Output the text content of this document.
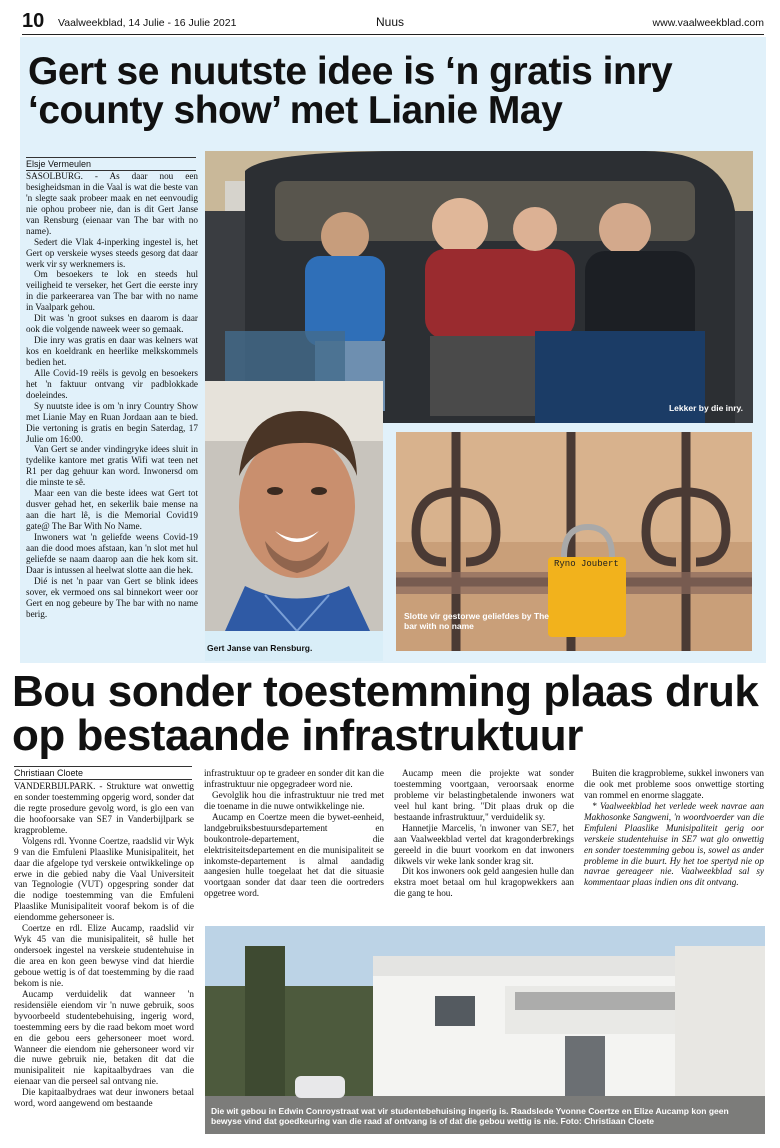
10 Vaalweekblad, 14 Julie - 16 Julie 2021	Nuus	www.vaalweekblad.com
Gert se nuutste idee is ‘n gratis inry ‘county show’ met Lianie May
Elsje Vermeulen

SASOLBURG. - As daar nou een besigheidsman in die Vaal is wat die beste van 'n slegte saak probeer maak en net eenvoudig nie ophou probeer nie, dan is dit Gert Janse van Rensburg (eienaar van The bar with no name).

Sedert die Vlak 4-inperking ingestel is, het Gert op verskeie wyses steeds gesorg dat daar werk vir sy werknemers is.

Om besoekers te lok en steeds hul veiligheid te verseker, het Gert die eerste inry in die parkeerarea van The bar with no name in Vaalpark gehou.

Dit was 'n groot sukses en daarom is daar ook die volgende naweek weer so gemaak.

Die inry was gratis en daar was kelners wat kos en koeldrank en heerlike melkskommels bedien het.

Alle Covid-19 reëls is gevolg en besoekers het 'n faktuur ontvang vir padblokkade doeleindes.

Sy nuutste idee is om 'n inry Country Show met Lianie May en Ruan Jordaan aan te bied. Die vertoning is gratis en begin Saterdag, 17 Julie om 16:00.

Van Gert se ander vindingryke idees sluit in tydelike kantore met gratis Wifi wat teen net R1 per dag gehuur kan word. Inwonersd om die minste te sê.

Maar een van die beste idees wat Gert tot dusver gehad het, en sekerlik baie mense na aan die hart lê, is die Memorial Covid19 gate@ The Bar With No Name.

Inwoners wat 'n geliefde weens Covid-19 aan die dood moes afstaan, kan 'n slot met hul geliefde se naam daarop aan die hek kom sit. Daar is intussen al heelwat slotte aan die hek.

Dié is net 'n paar van Gert se blink idees sover, ek vermoed ons sal binnekort weer oor Gert en nog gebeure by The bar with no name berig.

Lekker by die inry.
Gert Janse van Rensburg.
Ryno Joubert
Slotte vir gestorwe geliefdes by The bar with no name
Bou sonder toestemming plaas druk op bestaande infrastruktuur
Christiaan Cloete

VANDERBIJLPARK. - Strukture wat onwettig en sonder toestemming opgerig word, sonder dat die regte prosedure gevolg word, is glo een van die hoofoorsake van SE7 in Vanderbijlpark se kragprobleme.

Volgens rdl. Yvonne Coertze, raadslid vir Wyk 9 van die Emfuleni Plaaslike Munisipaliteit, het daar die afgelope tyd verskeie ontwikkelinge op erwe in die gebied naby die Vaal Universiteit van Tegnologie (VUT) opgespring sonder dat die nodige toestemming van die Emfuleni Plaaslike Munisipaliteit vooraf bekom is of die eiendomme gehersoneer is.

Coertze en rdl. Elize Aucamp, raadslid vir Wyk 45 van die munisipaliteit, sê hulle het ondersoek ingestel na verskeie studentehuise in die area en kon geen bewyse vind dat hierdie geboue wettig is of dat toestemming by die raad bekom is nie.

Aucamp verduidelik dat wanneer 'n residensiële eiendom vir 'n nuwe gebruik, soos byvoorbeeld studentebehuising, ingerig word, toestemming eers by die raad bekom moet word en die gebou eers gehersoneer moet word. Wanneer die eiendom nie gehersoneer word vir die nuwe gebruik nie, betaken dit dat die munisipaliteit nie kapitaalbydraes van die eienaar van die perseel sal ontvang nie.

Die kapitaalbydraes wat deur inwoners betaal word, word aangewend om bestaande

infrastruktuur op te gradeer en sonder dit kan die infrastruktuur nie opgegradeer word nie.

Gevolglik hou die infrastruktuur nie tred met die toename in die nuwe ontwikkelinge nie.

Aucamp en Coertze meen die bywet-eenheid, landgebruiksbestuursdepartement en boukontrole-departement, die elektrisiteitsdepartement en die munisipaliteit se inkomste-departement is almal aandadig aangesien hulle toegelaat het dat die situasie voortgaan sonder dat daar teen die oortreders opgetree word.

Aucamp meen die projekte wat sonder toestemming voortgaan, veroorsaak enorme probleme vir belastingbetalende inwoners wat veel hul kant bring. "Dit plaas druk op die bestaande infrastruktuur," verduidelik sy.

Hannetjie Marcelis, 'n inwoner van SE7, het aan Vaalweekblad vertel dat kragonderbrekings gereeld in die buurt voorkom en dat inwoners dikwels vir weke lank sonder krag sit.

Dit kos inwoners ook geld aangesien hulle dan ekstra moet betaal om hul kragopwekkers aan die gang te hou.

Buiten die kragprobleme, sukkel inwoners van die ook met probleme soos onwettige storting van rommel en enorme slaggate.

* Vaalweekblad het verlede week navrae aan Makhosonke Sangweni, 'n woordvoerder van die Emfuleni Plaaslike Munisipaliteit gerig oor verskeie studentehuise in SE7 wat glo onwettig en sonder toestemming gebou is, sowel as ander probleme in die buurt. Hy het toe spertyd nie op navrae gereageer nie. Vaalweekblad sal sy kommentaar plaas indien ons dit ontvang.

Die wit gebou in Edwin Conroystraat wat vir studentebehuising ingerig is. Raadslede Yvonne Coertze en Elize Aucamp kon geen bewyse vind dat goedkeuring van die raad af ontvang is of dat die gebou wettig is nie. Foto: Christiaan Cloete
